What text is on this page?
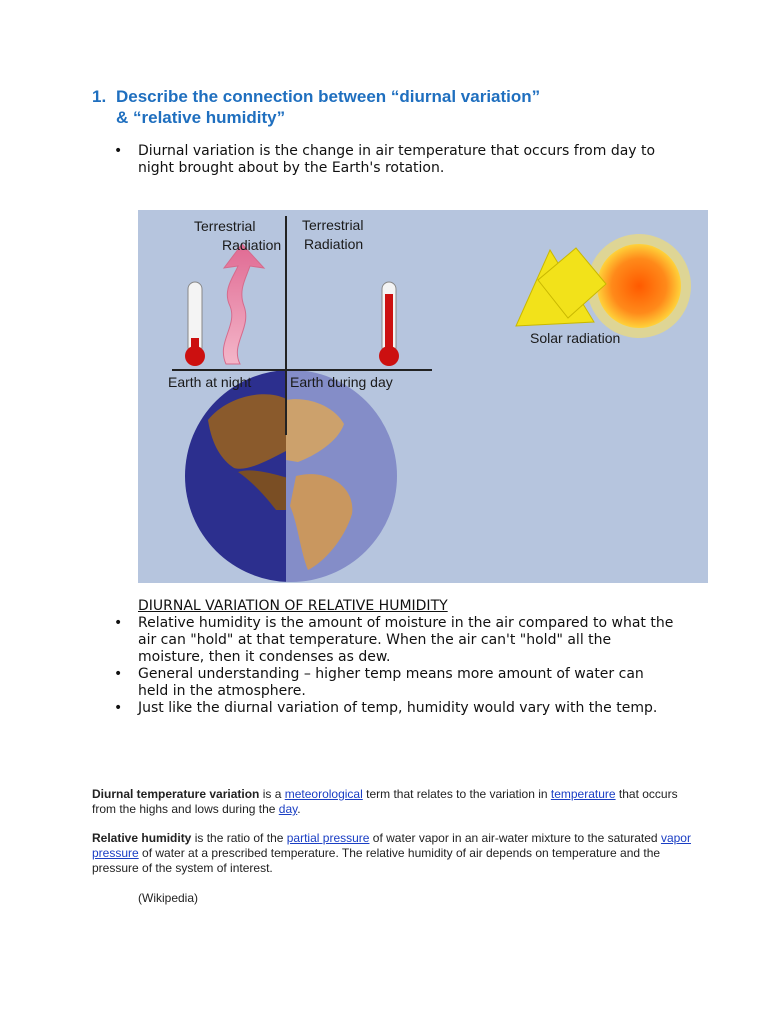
1. Describe the connection between “diurnal variation”
& “relative humidity”
• Diurnal variation is the change in air temperature that occurs from day to night brought about by the Earth's rotation.
Terrestrial
Radiation
Terrestrial
Radiation
Earth at night	Earth during day
Solar radiation
DIURNAL VARIATION OF RELATIVE HUMIDITY
• Relative humidity is the amount of moisture in the air compared to what the air can "hold" at that temperature. When the air can't "hold" all the moisture, then it condenses as dew.
• General understanding – higher temp means more amount of water can held in the atmosphere.
• Just like the diurnal variation of temp, humidity would vary with the temp.
Diurnal temperature variation is a meteorological term that relates to the variation in temperature that occurs from the highs and lows during the day.
Relative humidity is the ratio of the partial pressure of water vapor in an air-water mixture to the saturated vapor pressure of water at a prescribed temperature. The relative humidity of air depends on temperature and the pressure of the system of interest.
(Wikipedia)
